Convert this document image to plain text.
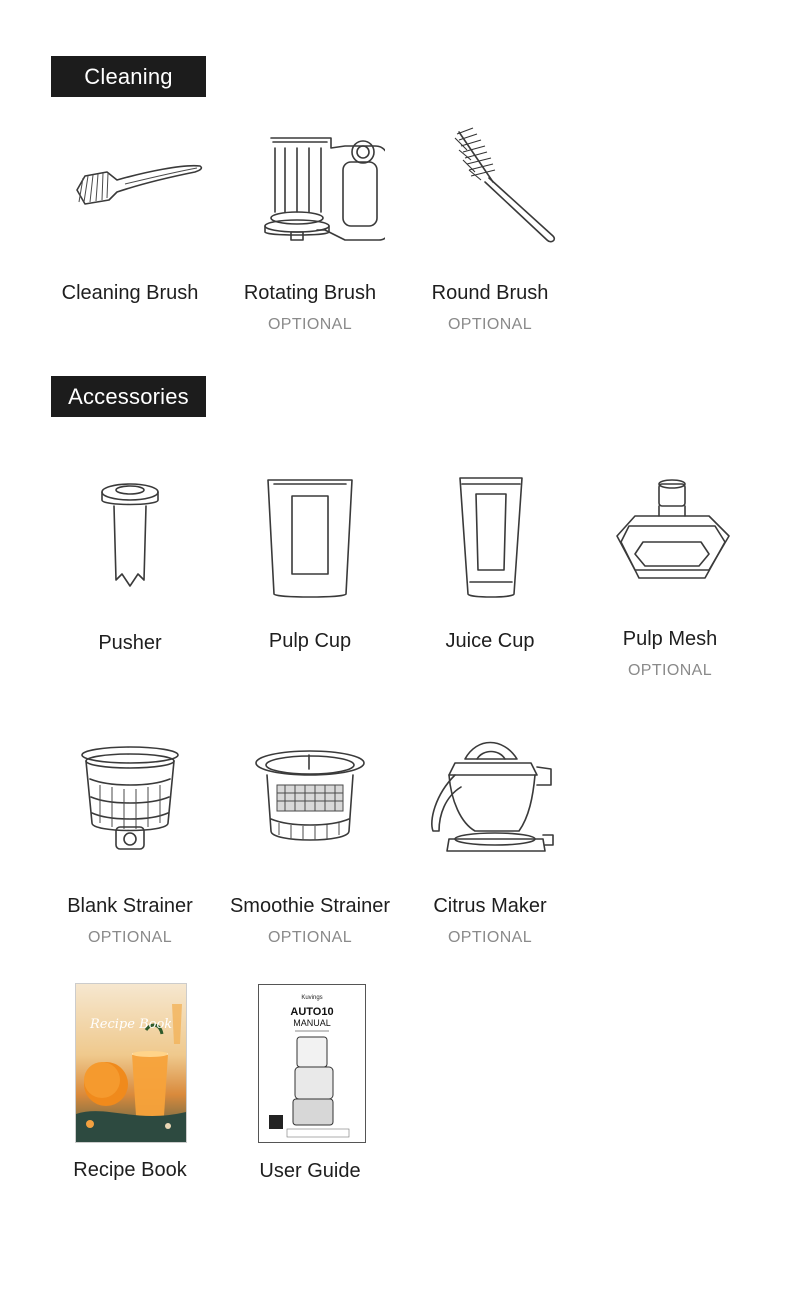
Cleaning
Cleaning Brush	Rotating Brush
OPTIONAL
Round Brush
OPTIONAL
Accessories
Pusher	Pulp Cup	Juice Cup	Pulp Mesh
OPTIONAL
Blank Strainer
OPTIONAL
Smoothie Strainer
OPTIONAL
Citrus Maker
OPTIONAL
Recipe Book
Recipe Book
Kuvings
AUTO10
MANUAL
User Guide
